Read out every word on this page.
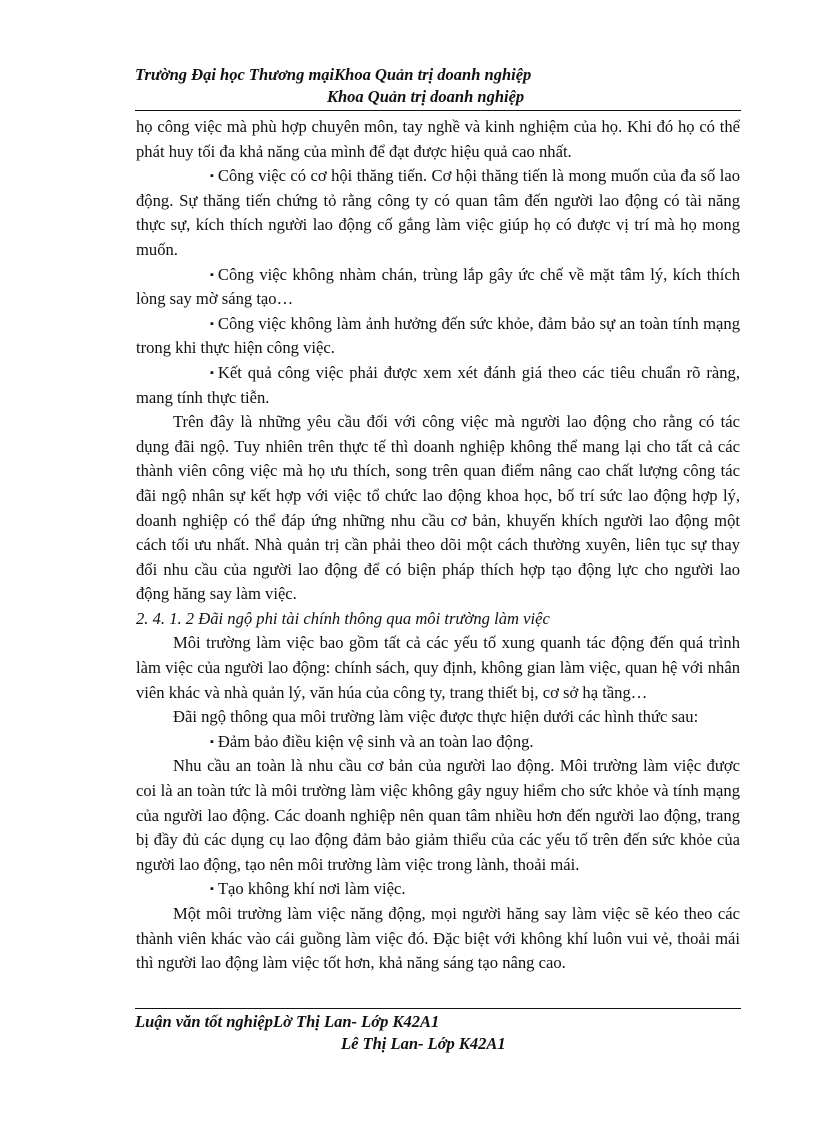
Trường Đại học Thương mạiKhoa Quản trị doanh nghiệp
Khoa Quản trị doanh nghiệp

họ công việc mà phù hợp chuyên môn, tay nghề và kinh nghiệm của họ. Khi đó họ có thể phát huy tối đa khả năng của mình để đạt được hiệu quả cao nhất.

▪ Công việc có cơ hội thăng tiến. Cơ hội thăng tiến là mong muốn của đa số lao động. Sự thăng tiến chứng tỏ rằng công ty có quan tâm đến người lao động có tài năng thực sự, kích thích người lao động cố gắng làm việc giúp họ có được vị trí mà họ mong muốn.

▪ Công việc không nhàm chán, trùng lắp gây ức chế về mặt tâm lý, kích thích lòng say mờ sáng tạo…

▪ Công việc không làm ảnh hưởng đến sức khỏe, đảm bảo sự an toàn tính mạng trong khi thực hiện công việc.

▪ Kết quả công việc phải được xem xét đánh giá theo các tiêu chuẩn rõ ràng, mang tính thực tiễn.

Trên đây là những yêu cầu đối với công việc mà người lao động cho rằng có tác dụng đãi ngộ. Tuy nhiên trên thực tế thì doanh nghiệp không thể mang lại cho tất cả các thành viên công việc mà họ ưu thích, song trên quan điểm nâng cao chất lượng công tác đãi ngộ nhân sự kết hợp với việc tổ chức lao động khoa học, bố trí sức lao động hợp lý, doanh nghiệp có thể đáp ứng những nhu cầu cơ bản, khuyến khích người lao động một cách tối ưu nhất. Nhà quản trị cần phải theo dõi một cách thường xuyên, liên tục sự thay đổi nhu cầu của người lao động để có biện pháp thích hợp tạo động lực cho người lao động hăng say làm việc.

2. 4. 1. 2 Đãi ngộ phi tài chính thông qua môi trường làm việc

Môi trường làm việc bao gồm tất cả các yếu tố xung quanh tác động đến quá trình làm việc của người lao động: chính sách, quy định, không gian làm việc, quan hệ với nhân viên khác và nhà quản lý, văn húa của công ty, trang thiết bị, cơ sở hạ tầng…

Đãi ngộ thông qua môi trường làm việc được thực hiện dưới các hình thức sau:

▪ Đảm bảo điều kiện vệ sinh và an toàn lao động.

Nhu cầu an toàn là nhu cầu cơ bản của người lao động. Môi trường làm việc được coi là an toàn tức là môi trường làm việc không gây nguy hiểm cho sức khỏe và tính mạng của người lao động. Các doanh nghiệp nên quan tâm nhiều hơn đến người lao động, trang bị đầy đủ các dụng cụ lao động đảm bảo giảm thiểu của các yếu tố trên đến sức khỏe của người lao động, tạo nên môi trường làm việc trong lành, thoải mái.

▪ Tạo không khí nơi làm việc.

Một môi trường làm việc năng động, mọi người hăng say làm việc sẽ kéo theo các thành viên khác vào cái guồng làm việc đó. Đặc biệt với không khí luôn vui vẻ, thoải mái thì người lao động làm việc tốt hơn, khả năng sáng tạo nâng cao.

Luận văn tốt nghiệpLờ Thị Lan- Lớp K42A1
Lê Thị Lan- Lớp K42A1
